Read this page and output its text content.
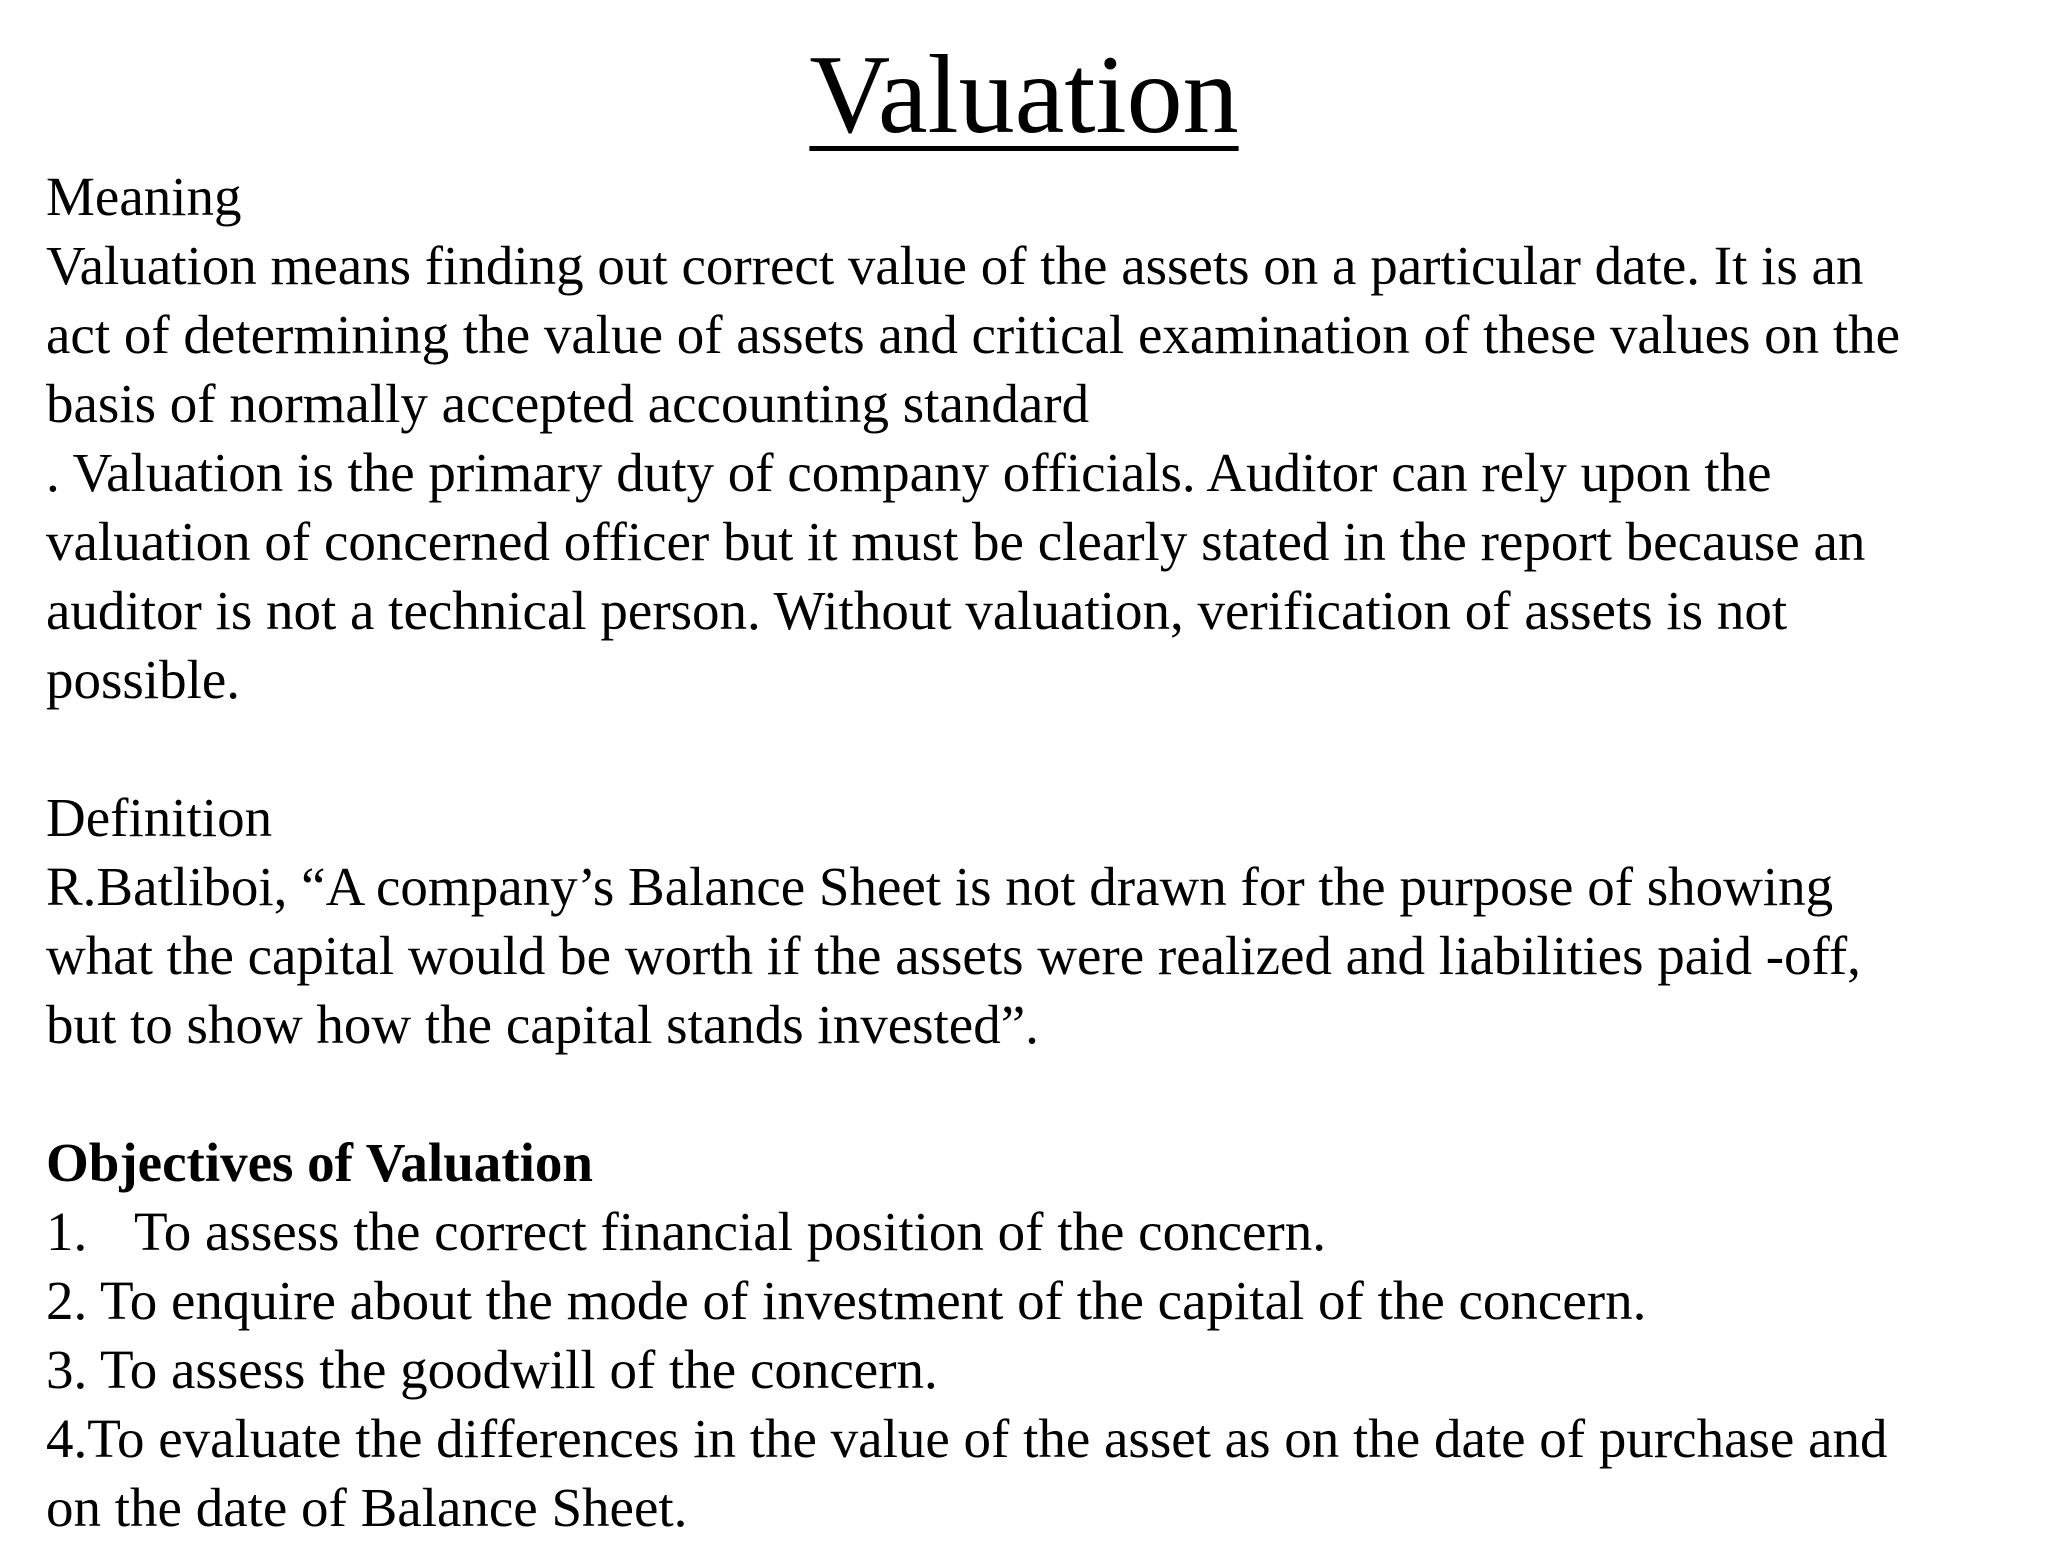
Valuation
Meaning
Valuation means finding out correct value of the assets on a particular date. It is an
act of determining the value of assets and critical examination of these values on the
basis of normally accepted accounting standard
. Valuation is the primary duty of company officials. Auditor can rely upon the
valuation of concerned officer but it must be clearly stated in the report because an
auditor is not a technical person. Without valuation, verification of assets is not
possible.
Definition
R.Batliboi, “A company’s Balance Sheet is not drawn for the purpose of showing
what the capital would be worth if the assets were realized and liabilities paid -off,
but to show how the capital stands invested”.
Objectives of Valuation
1. To assess the correct financial position of the concern.
2. To enquire about the mode of investment of the capital of the concern.
3. To assess the goodwill of the concern.
4.To evaluate the differences in the value of the asset as on the date of purchase and
on the date of Balance Sheet.
